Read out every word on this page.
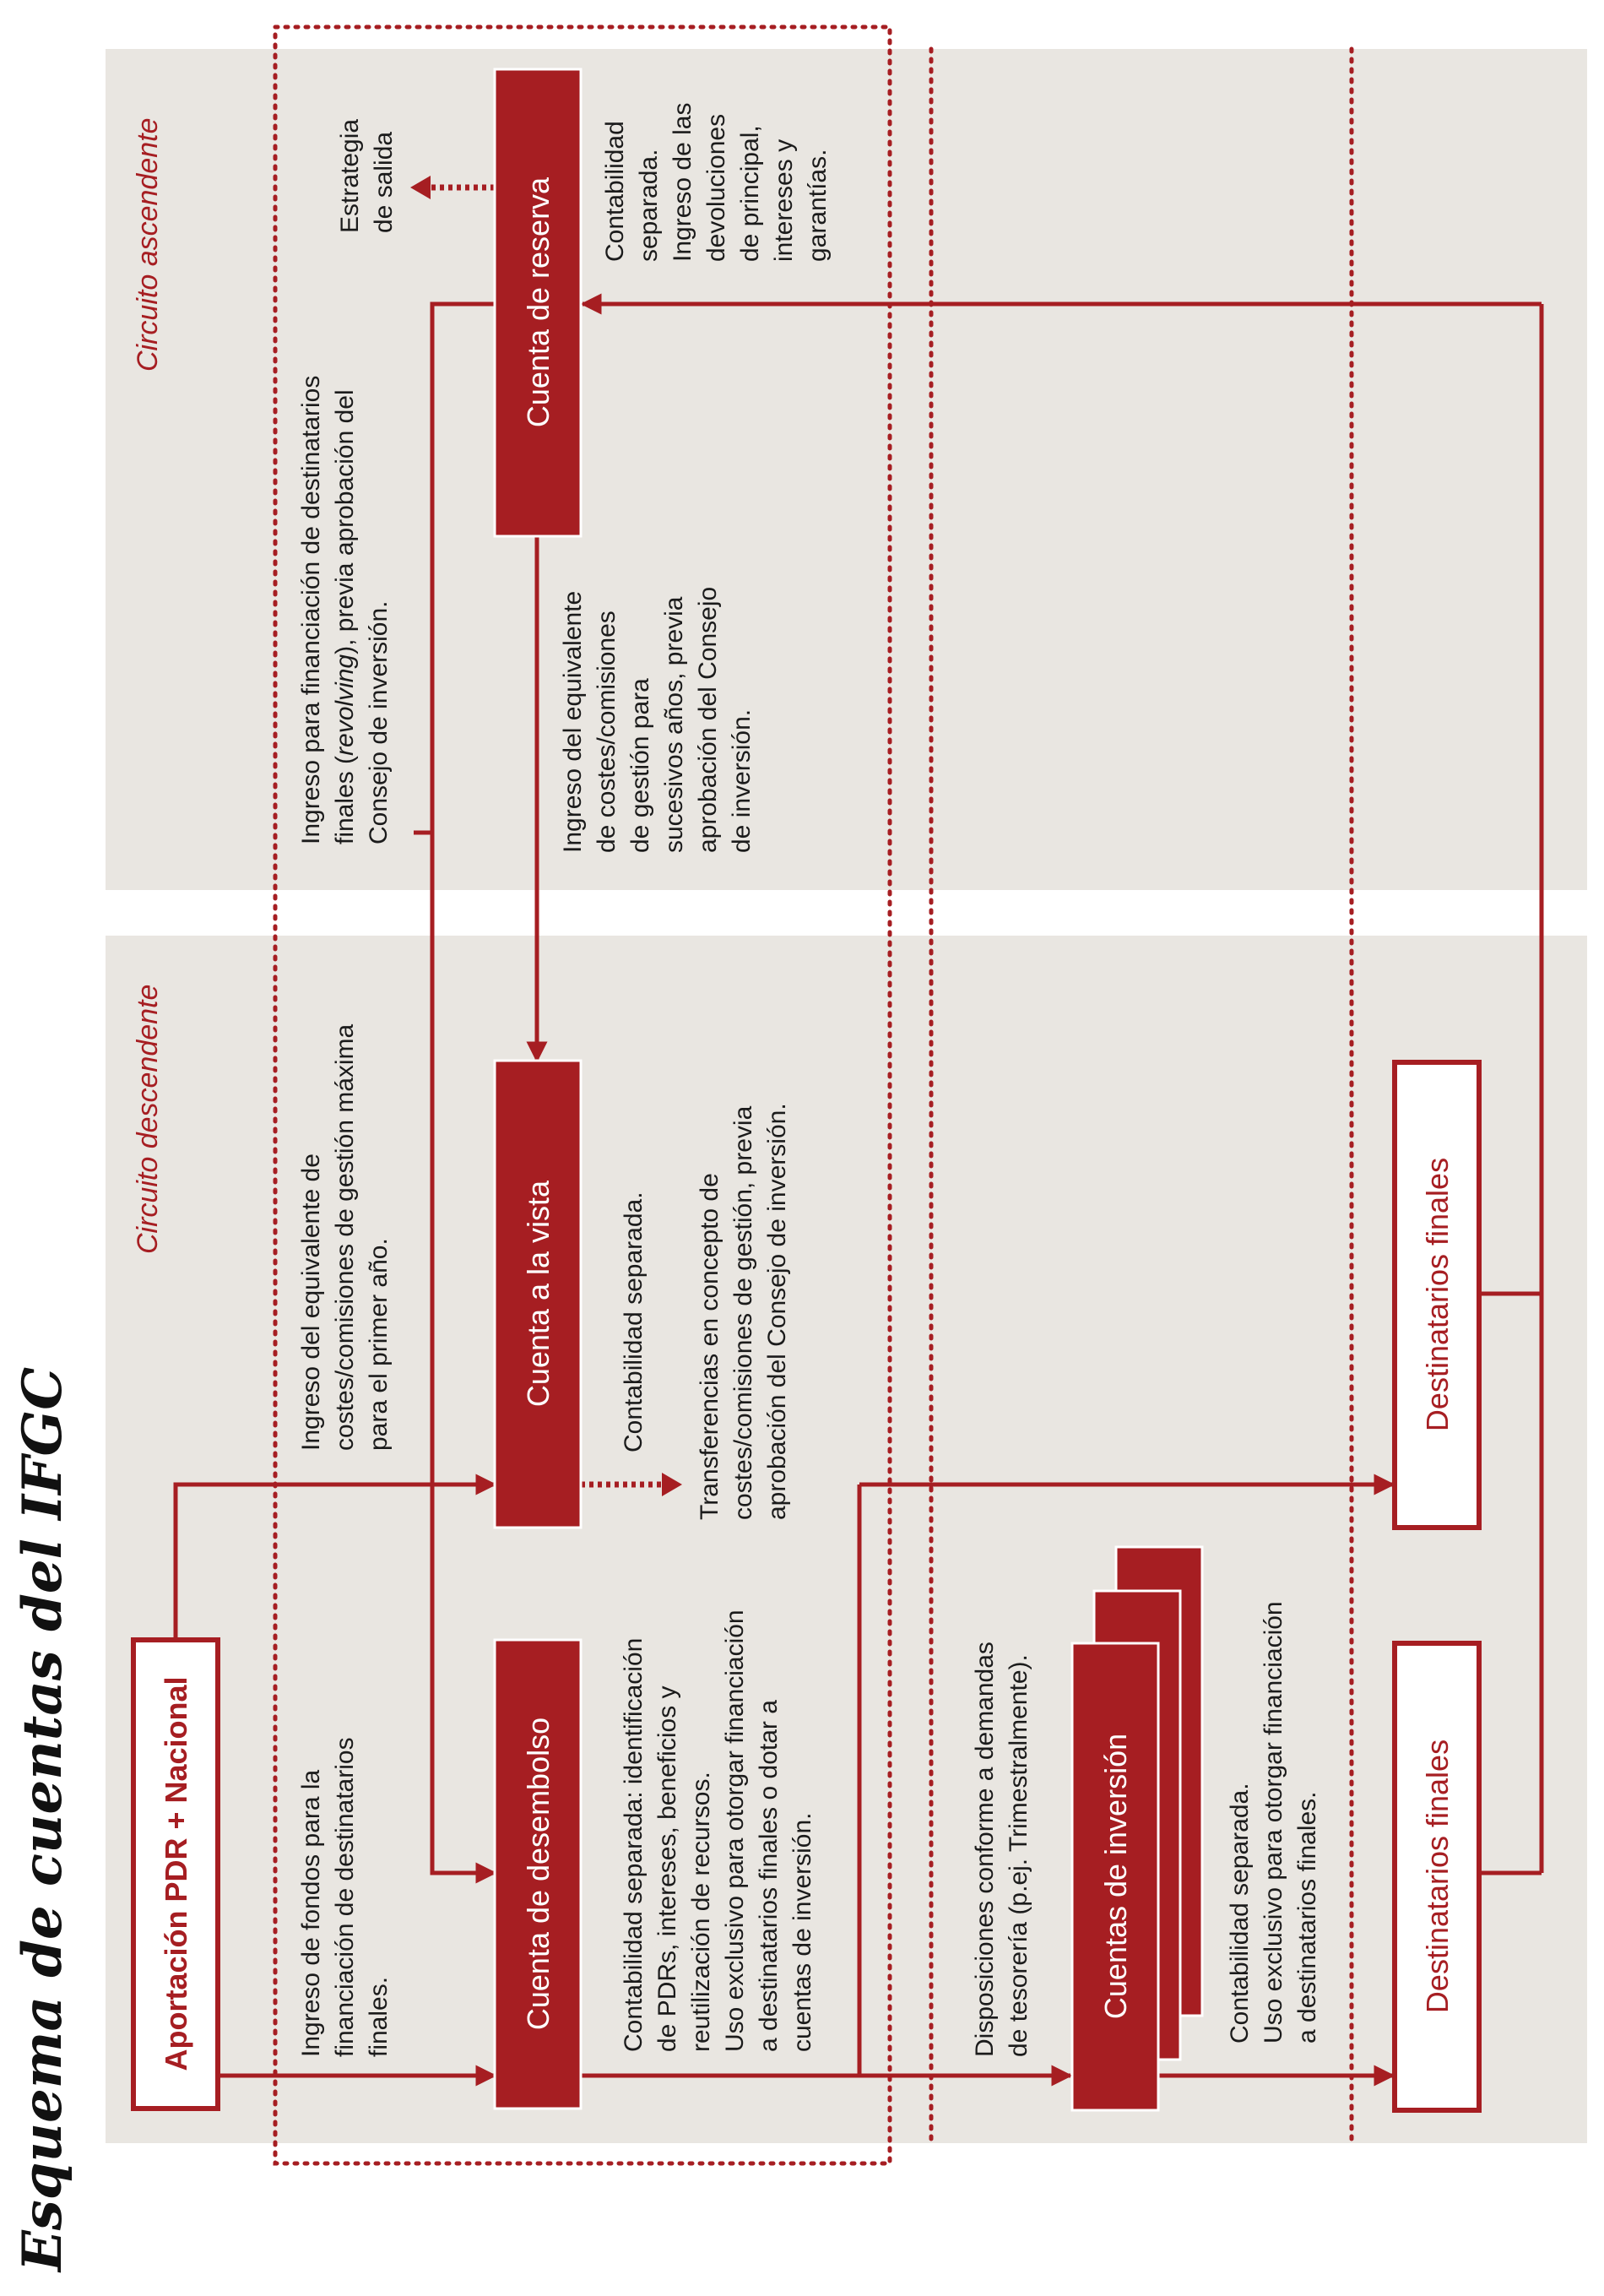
Esquema de cuentas del IFGC
Circuito ascendente
Circuito descendente
Aportación PDR + Nacional	Cuenta de desembolso
Cuenta a la vista
Cuenta de reserva
Cuentas de inversión
Destinatarios finales
Destinatarios finales
Ingreso de fondos para la financiación de destinatarios finales.
Ingreso del equivalente de costes/comisiones de gestión máxima para el primer año.
Ingreso para financiación de destinatarios finales (revolving), previa aprobación del Consejo de inversión.
Estrategia de salida	Contabilidad separada. Ingreso de las devoluciones de principal, intereses y garantías.
Ingreso del equivalente de costes/comisiones de gestión para sucesivos años, previa aprobación del Consejo de inversión.
Contabilidad separada: identificación de PDRs, intereses, beneficios y reutilización de recursos. Uso exclusivo para otorgar financiación a destinatarios finales o dotar a cuentas de inversión.
Contabilidad separada. Transferencias en concepto de costes/comisiones de gestión, previa aprobación del Consejo de inversión.
Disposiciones conforme a demandas de tesorería (p.ej. Trimestralmente).	Contabilidad separada. Uso exclusivo para otorgar financiación a destinatarios finales.
